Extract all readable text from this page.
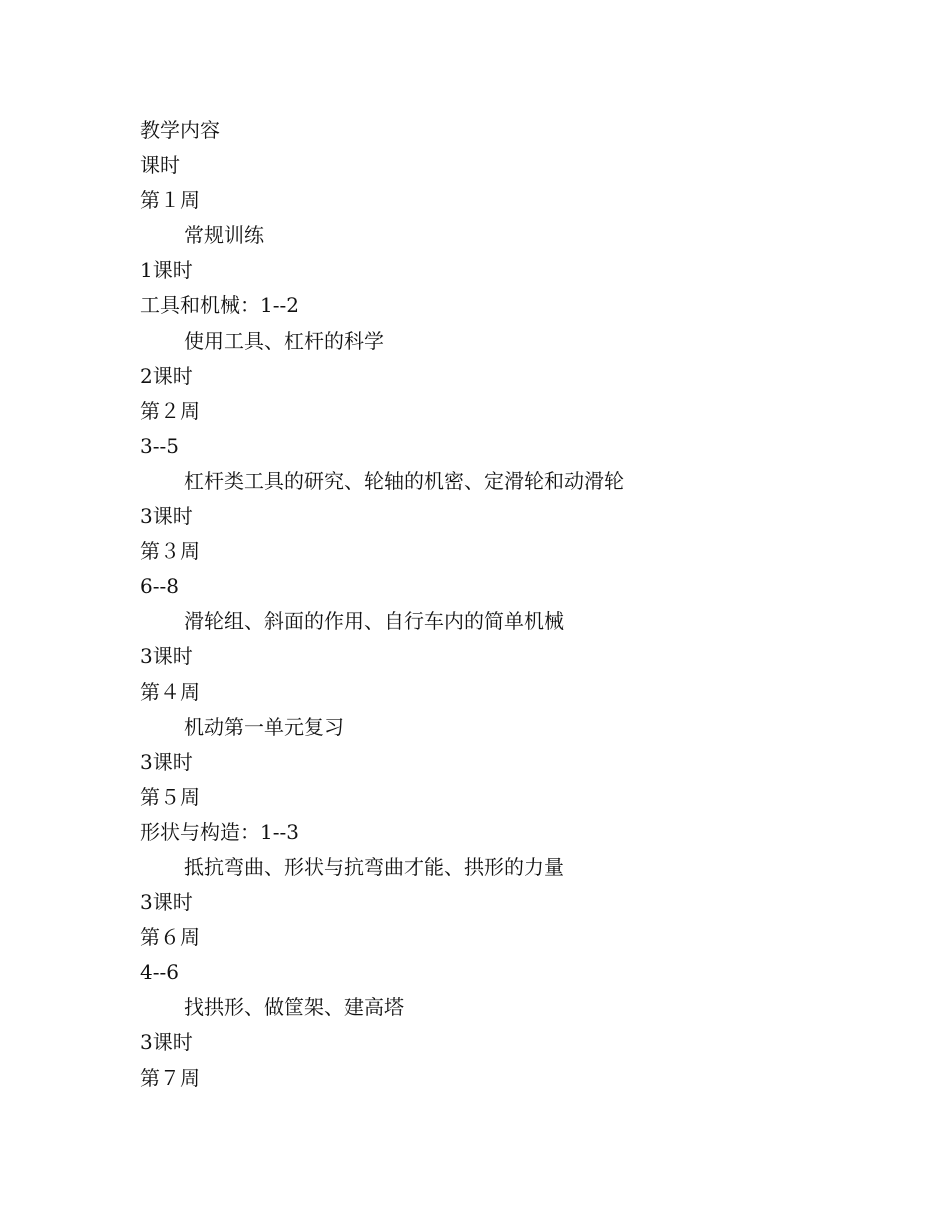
教学内容

课时

第１周

常规训练

1课时

工具和机械：1--2

使用工具、杠杆的科学

2课时

第２周

3--5

杠杆类工具的研究、轮轴的机密、定滑轮和动滑轮

3课时

第３周

6--8

滑轮组、斜面的作用、自行车内的简单机械

3课时

第４周

机动第一单元复习

3课时

第５周

形状与构造：1--3

抵抗弯曲、形状与抗弯曲才能、拱形的力量

3课时

第６周

4--6

找拱形、做筐架、建高塔

3课时

第７周
